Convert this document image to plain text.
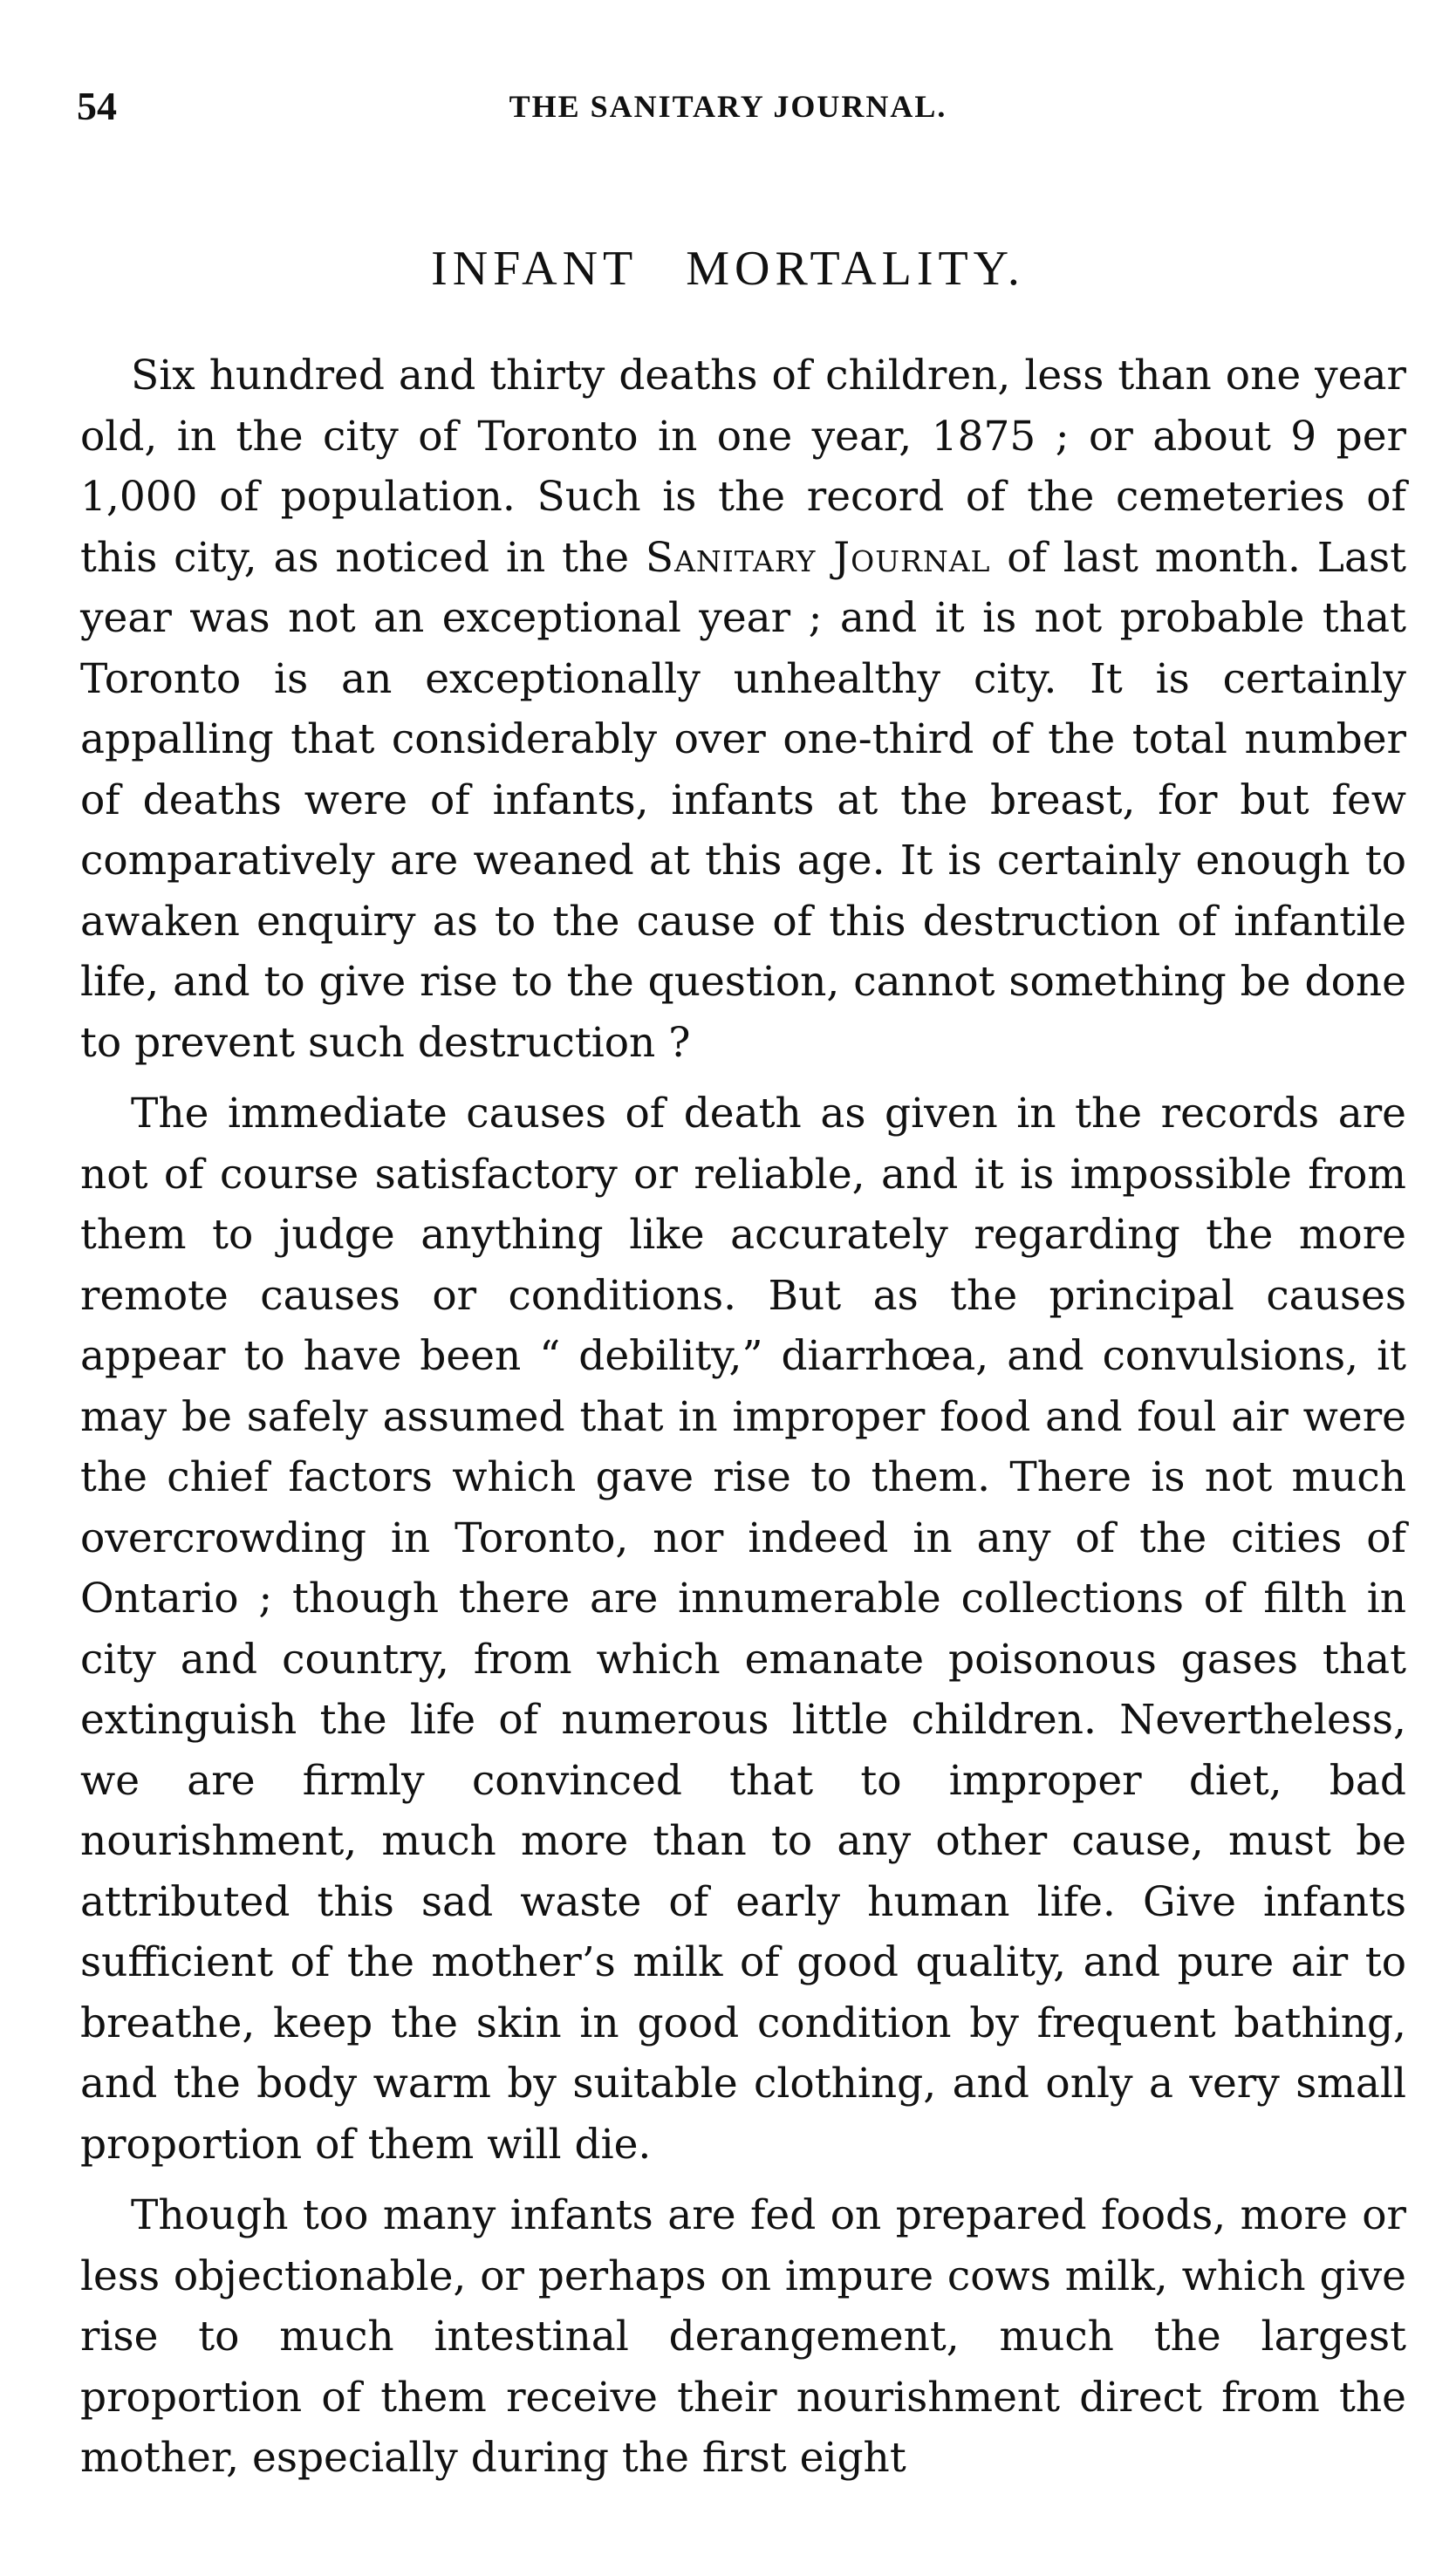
54	THE SANITARY JOURNAL.
INFANT MORTALITY.

Six hundred and thirty deaths of children, less than one year old, in the city of Toronto in one year, 1875 ; or about 9 per 1,000 of population. Such is the record of the cemeteries of this city, as noticed in the Sanitary Journal of last month. Last year was not an exceptional year ; and it is not probable that Toronto is an exceptionally unhealthy city. It is certainly appalling that considerably over one-third of the total number of deaths were of infants, infants at the breast, for but few comparatively are weaned at this age. It is certainly enough to awaken enquiry as to the cause of this destruction of infantile life, and to give rise to the question, cannot something be done to prevent such destruction ?

The immediate causes of death as given in the records are not of course satisfactory or reliable, and it is impossible from them to judge anything like accurately regarding the more remote causes or conditions. But as the principal causes appear to have been “ debility,” diarrhœa, and convulsions, it may be safely assumed that in improper food and foul air were the chief factors which gave rise to them. There is not much overcrowding in Toronto, nor indeed in any of the cities of Ontario ; though there are innumerable collections of filth in city and country, from which emanate poisonous gases that extinguish the life of numerous little children. Nevertheless, we are firmly convinced that to improper diet, bad nourishment, much more than to any other cause, must be attributed this sad waste of early human life. Give infants sufficient of the mother’s milk of good quality, and pure air to breathe, keep the skin in good condition by frequent bathing, and the body warm by suitable clothing, and only a very small proportion of them will die.

Though too many infants are fed on prepared foods, more or less objectionable, or perhaps on impure cows milk, which give rise to much intestinal derangement, much the largest proportion of them receive their nourishment direct from the mother, especially during the first eight
